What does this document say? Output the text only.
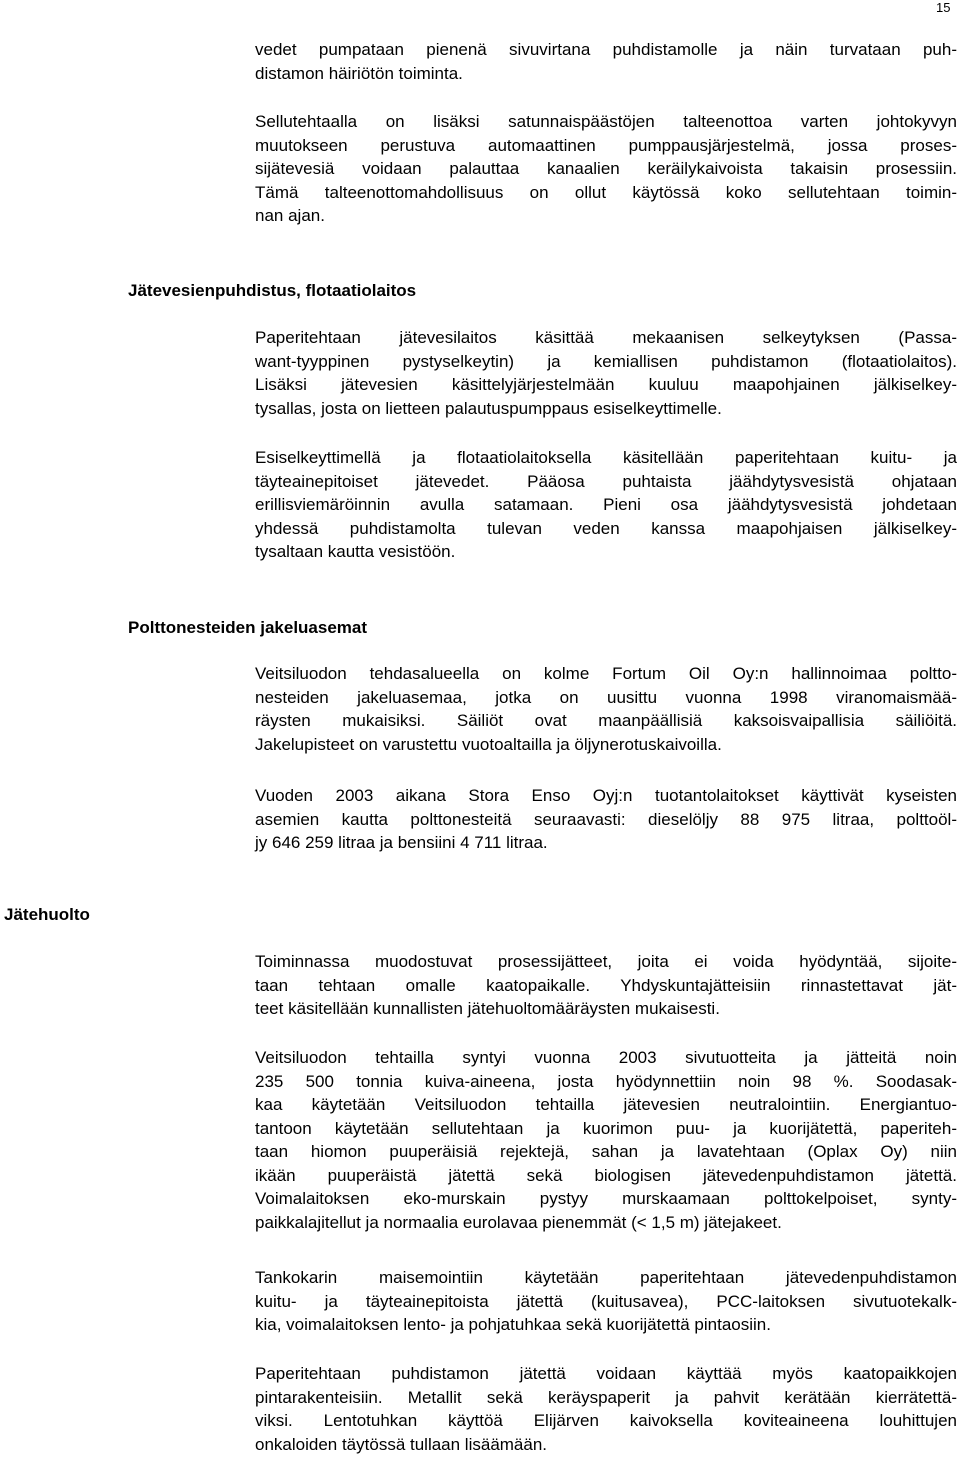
15

vedet pumpataan pienenä sivuvirtana puhdistamolle ja näin turvataan puh-
distamon häiriötön toiminta.

Sellutehtaalla on lisäksi satunnaispäästöjen talteenottoa varten johtokyvyn
muutokseen perustuva automaattinen pumppausjärjestelmä, jossa proses-
sijätevesiä voidaan palauttaa kanaalien keräilykaivoista takaisin prosessiin.
Tämä talteenottomahdollisuus on ollut käytössä koko sellutehtaan toimin-
nan ajan.

Jätevesienpuhdistus, flotaatiolaitos

Paperitehtaan jätevesilaitos käsittää mekaanisen selkeytyksen (Passa-
want-tyyppinen pystyselkeytin) ja kemiallisen puhdistamon (flotaatiolaitos).
Lisäksi jätevesien käsittelyjärjestelmään kuuluu maapohjainen jälkiselkey-
tysallas, josta on lietteen palautuspumppaus esiselkeyttimelle.

Esiselkeyttimellä ja flotaatiolaitoksella käsitellään paperitehtaan kuitu- ja
täyteainepitoiset jätevedet. Pääosa puhtaista jäähdytysvesistä ohjataan
erillisviemäröinnin avulla satamaan. Pieni osa jäähdytysvesistä johdetaan
yhdessä puhdistamolta tulevan veden kanssa maapohjaisen jälkiselkey-
tysaltaan kautta vesistöön.

Polttonesteiden jakeluasemat

Veitsiluodon tehdasalueella on kolme Fortum Oil Oy:n hallinnoimaa poltto-
nesteiden jakeluasemaa, jotka on uusittu vuonna 1998 viranomaismää-
räysten mukaisiksi. Säiliöt ovat maanpäällisiä kaksoisvaipallisia säiliöitä.
Jakelupisteet on varustettu vuotoaltailla ja öljynerotuskaivoilla.

Vuoden 2003 aikana Stora Enso Oyj:n tuotantolaitokset käyttivät kyseisten
asemien kautta polttonesteitä seuraavasti: dieselöljy 88 975 litraa, polttoöl-
jy 646 259 litraa ja bensiini 4 711 litraa.

Jätehuolto

Toiminnassa muodostuvat prosessijätteet, joita ei voida hyödyntää, sijoite-
taan tehtaan omalle kaatopaikalle. Yhdyskuntajätteisiin rinnastettavat jät-
teet käsitellään kunnallisten jätehuoltomääräysten mukaisesti.

Veitsiluodon tehtailla syntyi vuonna 2003 sivutuotteita ja jätteitä noin
235 500 tonnia kuiva-aineena, josta hyödynnettiin noin 98 %. Soodasak-
kaa käytetään Veitsiluodon tehtailla jätevesien neutralointiin. Energiantuo-
tantoon käytetään sellutehtaan ja kuorimon puu- ja kuorijätettä, paperiteh-
taan hiomon puuperäisiä rejektejä, sahan ja lavatehtaan (Oplax Oy) niin
ikään puuperäistä jätettä sekä biologisen jätevedenpuhdistamon jätettä.
Voimalaitoksen eko-murskain pystyy murskaamaan polttokelpoiset, synty-
paikkalajitellut ja normaalia eurolavaa pienemmät (< 1,5 m) jätejakeet.

Tankokarin maisemointiin käytetään paperitehtaan jätevedenpuhdistamon
kuitu- ja täyteainepitoista jätettä (kuitusavea), PCC-laitoksen sivutuotekalk-
kia, voimalaitoksen lento- ja pohjatuhkaa sekä kuorijätettä pintaosiin.

Paperitehtaan puhdistamon jätettä voidaan käyttää myös kaatopaikkojen
pintarakenteisiin. Metallit sekä keräyspaperit ja pahvit kerätään kierrätettä-
viksi. Lentotuhkan käyttöä Elijärven kaivoksella koviteaineena louhittujen
onkaloiden täytössä tullaan lisäämään.
